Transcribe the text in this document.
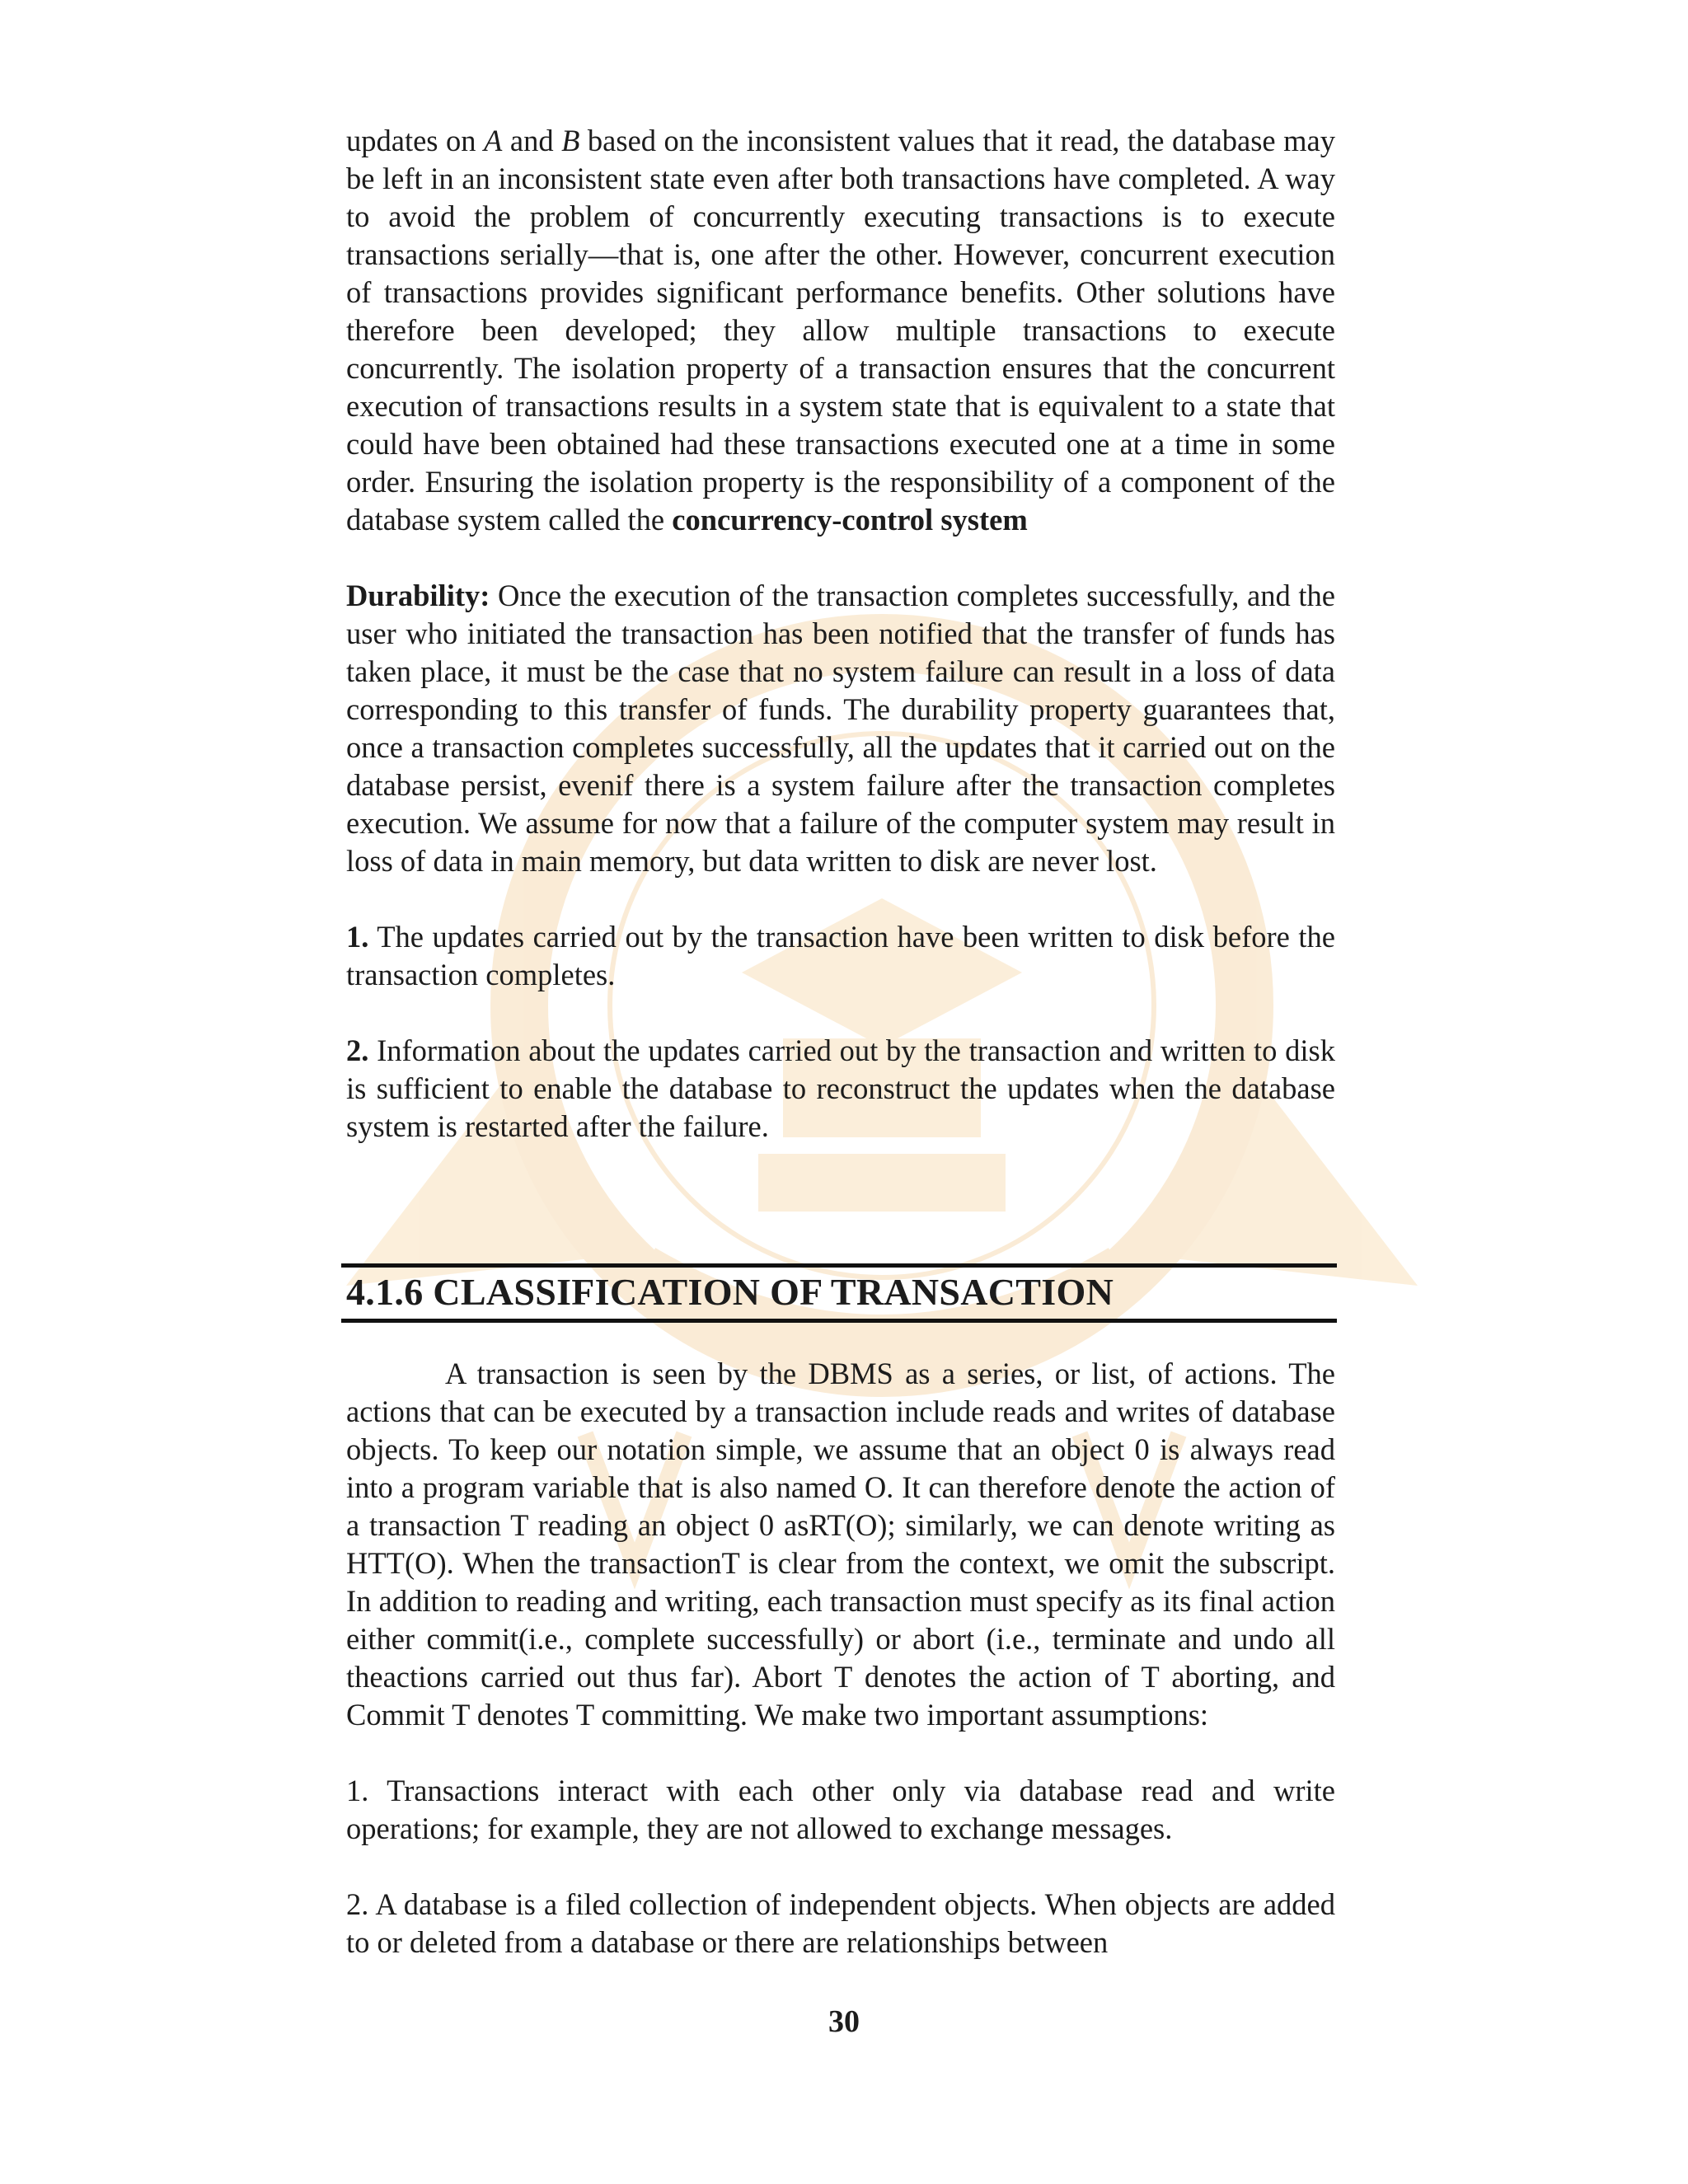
updates on A and B based on the inconsistent values that it read, the database may be left in an inconsistent state even after both transactions have completed. A way to avoid the problem of concurrently executing transactions is to execute transactions serially—that is, one after the other. However, concurrent execution of transactions provides significant performance benefits. Other solutions have therefore been developed; they allow multiple transactions to execute concurrently. The isolation property of a transaction ensures that the concurrent execution of transactions results in a system state that is equivalent to a state that could have been obtained had these transactions executed one at a time in some order. Ensuring the isolation property is the responsibility of a component of the database system called the concurrency-control system

Durability: Once the execution of the transaction completes successfully, and the user who initiated the transaction has been notified that the transfer of funds has taken place, it must be the case that no system failure can result in a loss of data corresponding to this transfer of funds. The durability property guarantees that, once a transaction completes successfully, all the updates that it carried out on the database persist, evenif there is a system failure after the transaction completes execution. We assume for now that a failure of the computer system may result in loss of data in main memory, but data written to disk are never lost.

1. The updates carried out by the transaction have been written to disk before the transaction completes.

2. Information about the updates carried out by the transaction and written to disk is sufficient to enable the database to reconstruct the updates when the database system is restarted after the failure.

4.1.6 CLASSIFICATION OF TRANSACTION

A transaction is seen by the DBMS as a series, or list, of actions. The actions that can be executed by a transaction include reads and writes of database objects. To keep our notation simple, we assume that an object 0 is always read into a program variable that is also named O. It can therefore denote the action of a transaction T reading an object 0 asRT(O); similarly, we can denote writing as HTT(O). When the transactionT is clear from the context, we omit the subscript. In addition to reading and writing, each transaction must specify as its final action either commit(i.e., complete successfully) or abort (i.e., terminate and undo all theactions carried out thus far). Abort T denotes the action of T aborting, and Commit T denotes T committing. We make two important assumptions:

1. Transactions interact with each other only via database read and write operations; for example, they are not allowed to exchange messages.

2. A database is a filed collection of independent objects. When objects are added to or deleted from a database or there are relationships between

30
